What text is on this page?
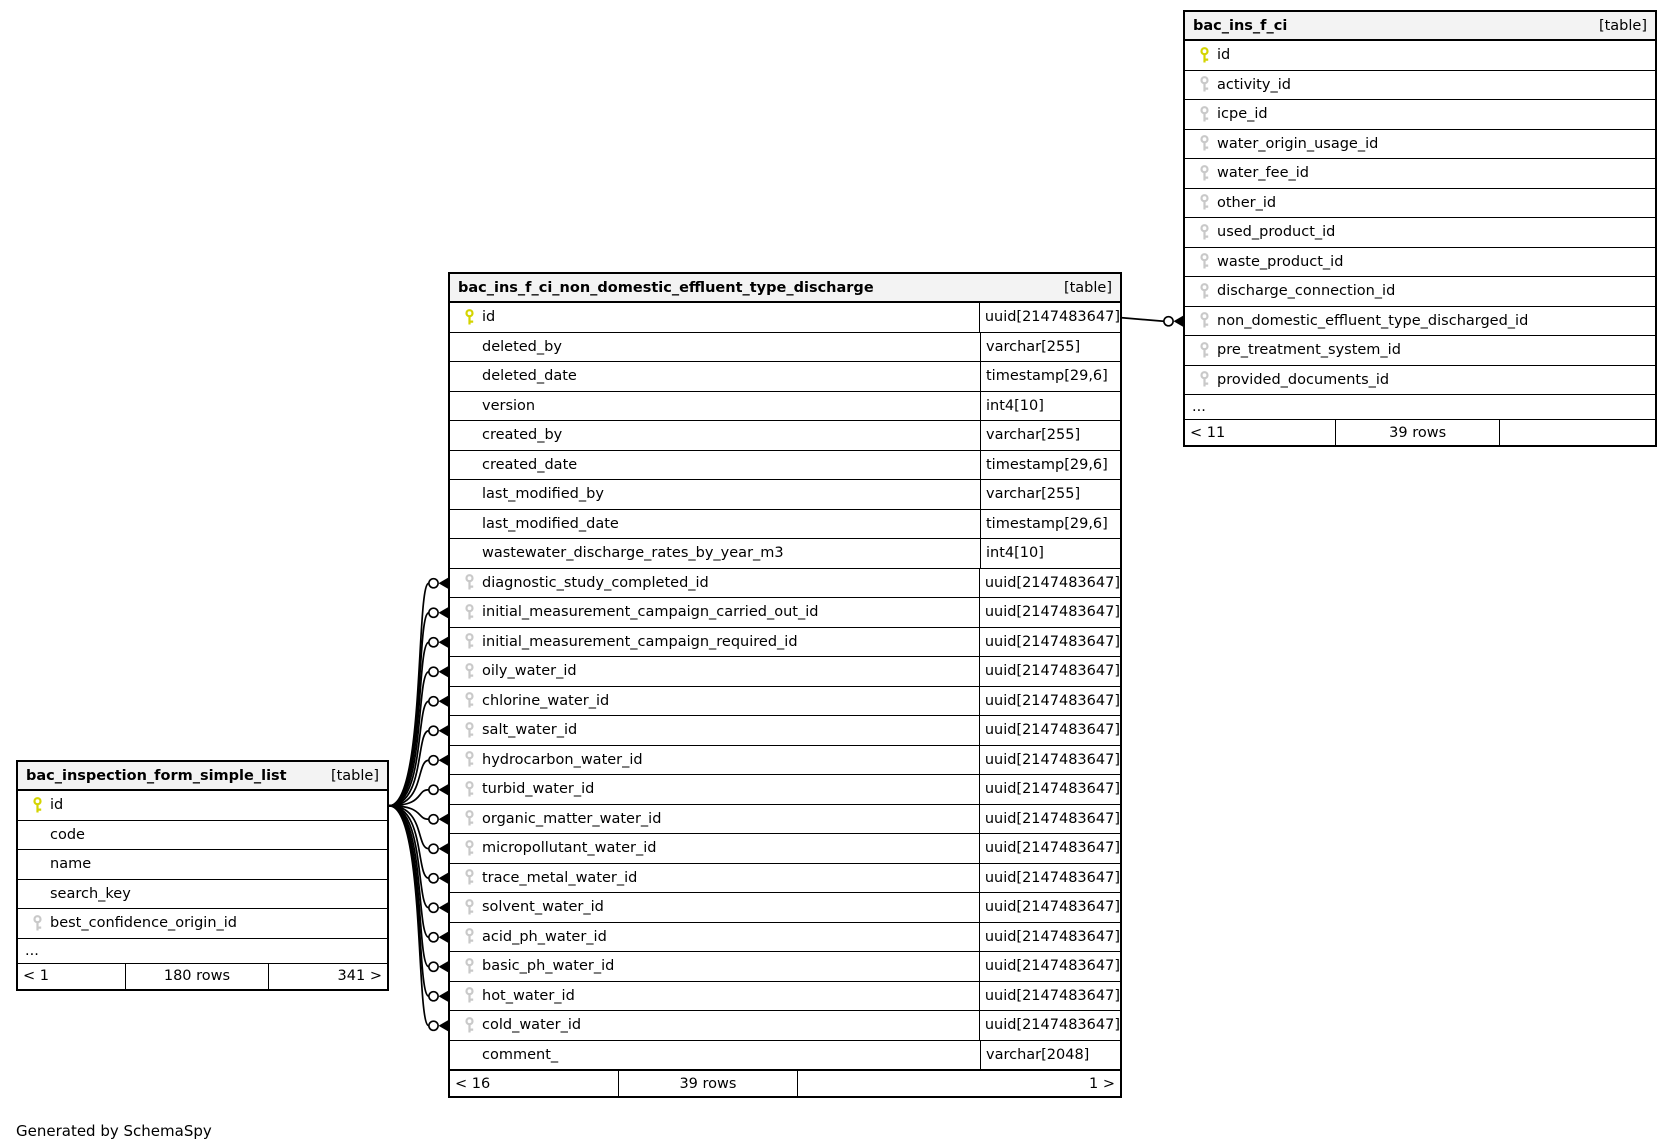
bac_inspection_form_simple_list	[table]
id
code
name
search_key
best_confidence_origin_id
...
< 1	180 rows	341 >
bac_ins_f_ci_non_domestic_effluent_type_discharge	[table]
id	uuid[2147483647]
deleted_by	varchar[255]
deleted_date	timestamp[29,6]
version	int4[10]
created_by	varchar[255]
created_date	timestamp[29,6]
last_modified_by	varchar[255]
last_modified_date	timestamp[29,6]
wastewater_discharge_rates_by_year_m3	int4[10]
diagnostic_study_completed_id	uuid[2147483647]
initial_measurement_campaign_carried_out_id	uuid[2147483647]
initial_measurement_campaign_required_id	uuid[2147483647]
oily_water_id	uuid[2147483647]
chlorine_water_id	uuid[2147483647]
salt_water_id	uuid[2147483647]
hydrocarbon_water_id	uuid[2147483647]
turbid_water_id	uuid[2147483647]
organic_matter_water_id	uuid[2147483647]
micropollutant_water_id	uuid[2147483647]
trace_metal_water_id	uuid[2147483647]
solvent_water_id	uuid[2147483647]
acid_ph_water_id	uuid[2147483647]
basic_ph_water_id	uuid[2147483647]
hot_water_id	uuid[2147483647]
cold_water_id	uuid[2147483647]
comment_	varchar[2048]
< 16	39 rows	1 >
bac_ins_f_ci	[table]
id
activity_id
icpe_id
water_origin_usage_id
water_fee_id
other_id
used_product_id
waste_product_id
discharge_connection_id
non_domestic_effluent_type_discharged_id
pre_treatment_system_id
provided_documents_id
...
< 11	39 rows
Generated by SchemaSpy
